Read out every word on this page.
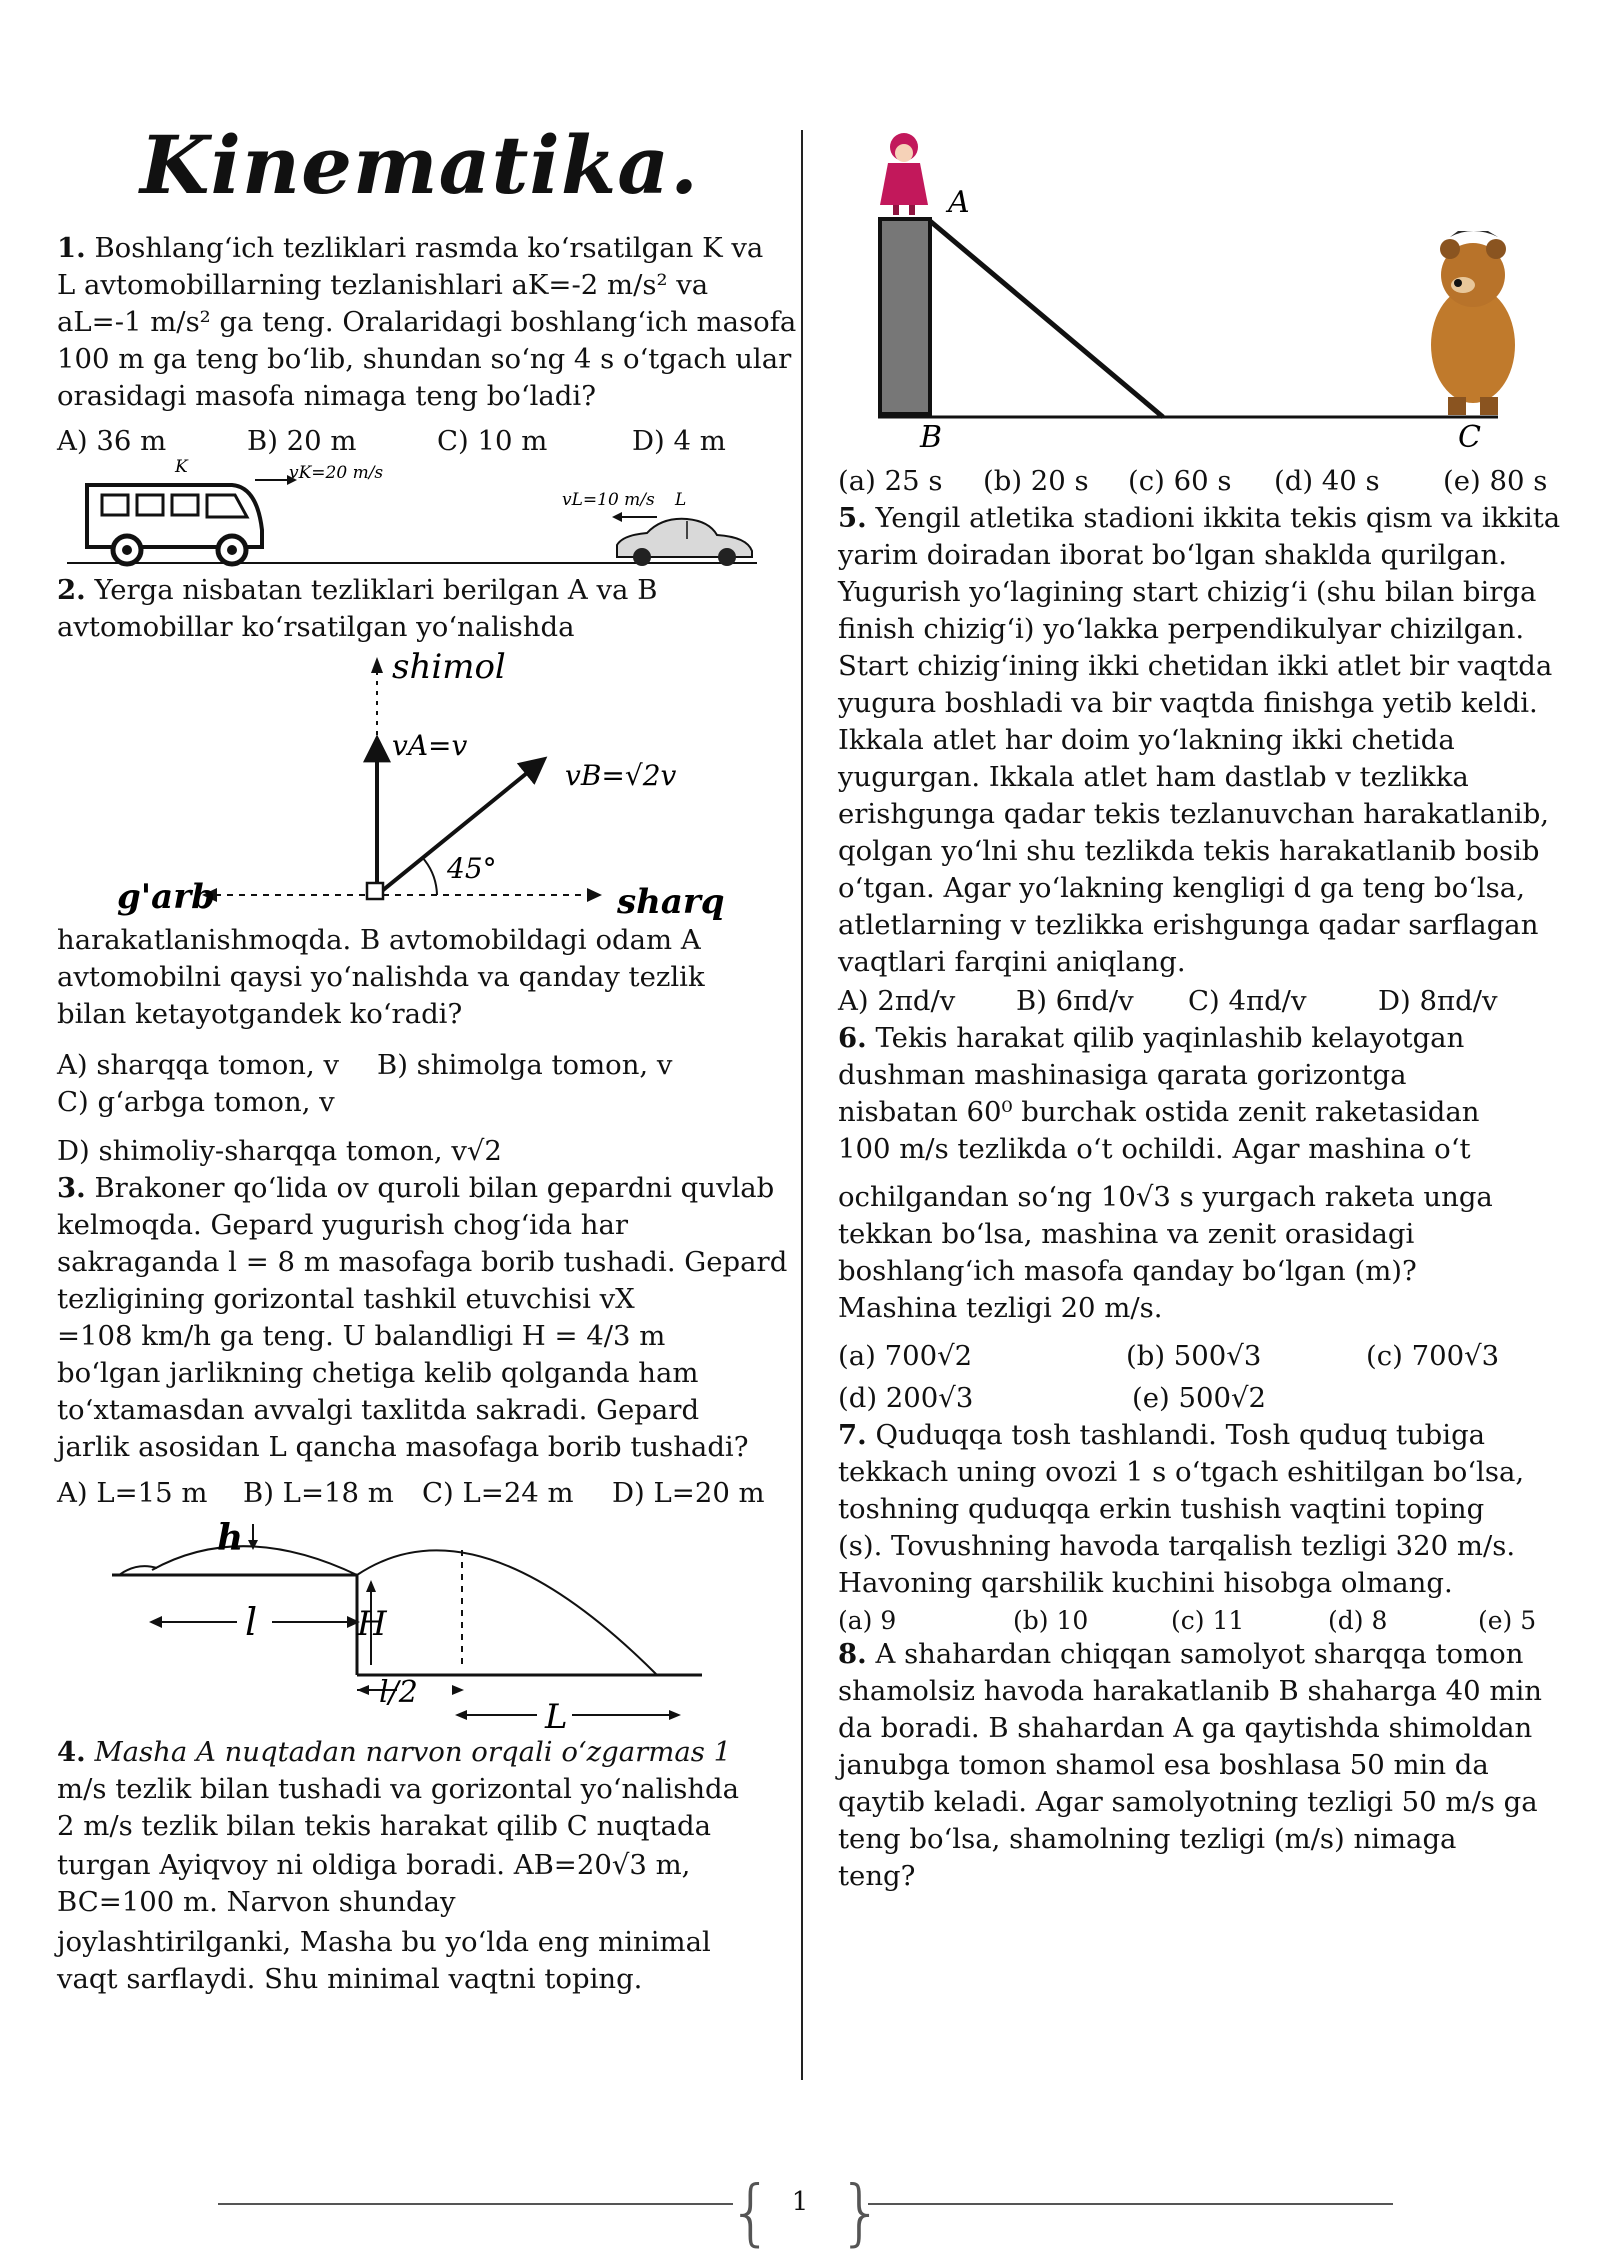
Kinematika.
1. Boshlang‘ich tezliklari rasmda ko‘rsatilgan K va
L avtomobillarning tezlanishlari aK=-2 m/s² va
aL=-1 m/s² ga teng. Oralaridagi boshlang‘ich masofa
100 m ga teng bo‘lib, shundan so‘ng 4 s o‘tgach ular
orasidagi masofa nimaga teng bo‘ladi?
A) 36 m	B) 20 m	C) 10 m	D) 4 m
K	vK=20 m/s
vL=10 m/s L
2. Yerga nisbatan tezliklari berilgan A va B
avtomobillar ko‘rsatilgan yo‘nalishda
shimol
g'arb	sharq
vA=v
vB=√2v
45°
harakatlanishmoqda. B avtomobildagi odam A
avtomobilni qaysi yo‘nalishda va qanday tezlik
bilan ketayotgandek ko‘radi?
A) sharqqa tomon, v B) shimolga tomon, v
C) g‘arbga tomon, v
D) shimoliy-sharqqa tomon, v√2
3. Brakoner qo‘lida ov quroli bilan gepardni quvlab
kelmoqda. Gepard yugurish chog‘ida har
sakraganda l = 8 m masofaga borib tushadi. Gepard
tezligining gorizontal tashkil etuvchisi vX
=108 km/h ga teng. U balandligi H = 4/3 m
bo‘lgan jarlikning chetiga kelib qolganda ham
to‘xtamasdan avvalgi taxlitda sakradi. Gepard
jarlik asosidan L qancha masofaga borib tushadi?
A) L=15 m B) L=18 m C) L=24 m D) L=20 m
h
l	H
l/2
L
4. Masha A nuqtadan narvon orqali o‘zgarmas 1
m/s tezlik bilan tushadi va gorizontal yo‘nalishda
2 m/s tezlik bilan tekis harakat qilib C nuqtada
turgan Ayiqvoy ni oldiga boradi. AB=20√3 m,
BC=100 m. Narvon shunday
joylashtirilganki, Masha bu yo‘lda eng minimal
vaqt sarflaydi. Shu minimal vaqtni toping.
A
B	C
(a) 25 s (b) 20 s (c) 60 s (d) 40 s (e) 80 s
5. Yengil atletika stadioni ikkita tekis qism va ikkita
yarim doiradan iborat bo‘lgan shaklda qurilgan.
Yugurish yo‘lagining start chizig‘i (shu bilan birga
finish chizig‘i) yo‘lakka perpendikulyar chizilgan.
Start chizig‘ining ikki chetidan ikki atlet bir vaqtda
yugura boshladi va bir vaqtda finishga yetib keldi.
Ikkala atlet har doim yo‘lakning ikki chetida
yugurgan. Ikkala atlet ham dastlab v tezlikka
erishgunga qadar tekis tezlanuvchan harakatlanib,
qolgan yo‘lni shu tezlikda tekis harakatlanib bosib
o‘tgan. Agar yo‘lakning kengligi d ga teng bo‘lsa,
atletlarning v tezlikka erishgunga qadar sarflagan
vaqtlari farqini aniqlang.
A) 2πd/v B) 6πd/v C) 4πd/v	D) 8πd/v
6. Tekis harakat qilib yaqinlashib kelayotgan
dushman mashinasiga qarata gorizontga
nisbatan 60⁰ burchak ostida zenit raketasidan
100 m/s tezlikda o‘t ochildi. Agar mashina o‘t
ochilgandan so‘ng 10√3 s yurgach raketa unga
tekkan bo‘lsa, mashina va zenit orasidagi
boshlang‘ich masofa qanday bo‘lgan (m)?
Mashina tezligi 20 m/s.
(a) 700√2	(b) 500√3	(c) 700√3
(d) 200√3	(e) 500√2
7. Quduqqa tosh tashlandi. Tosh quduq tubiga
tekkach uning ovozi 1 s o‘tgach eshitilgan bo‘lsa,
toshning quduqqa erkin tushish vaqtini toping
(s). Tovushning havoda tarqalish tezligi 320 m/s.
Havoning qarshilik kuchini hisobga olmang.
(a) 9	(b) 10	(c) 11	(d) 8	(e) 5
8. A shahardan chiqqan samolyot sharqqa tomon
shamolsiz havoda harakatlanib B shaharga 40 min
da boradi. B shahardan A ga qaytishda shimoldan
janubga tomon shamol esa boshlasa 50 min da
qaytib keladi. Agar samolyotning tezligi 50 m/s ga
teng bo‘lsa, shamolning tezligi (m/s) nimaga
teng?
{ }
1
